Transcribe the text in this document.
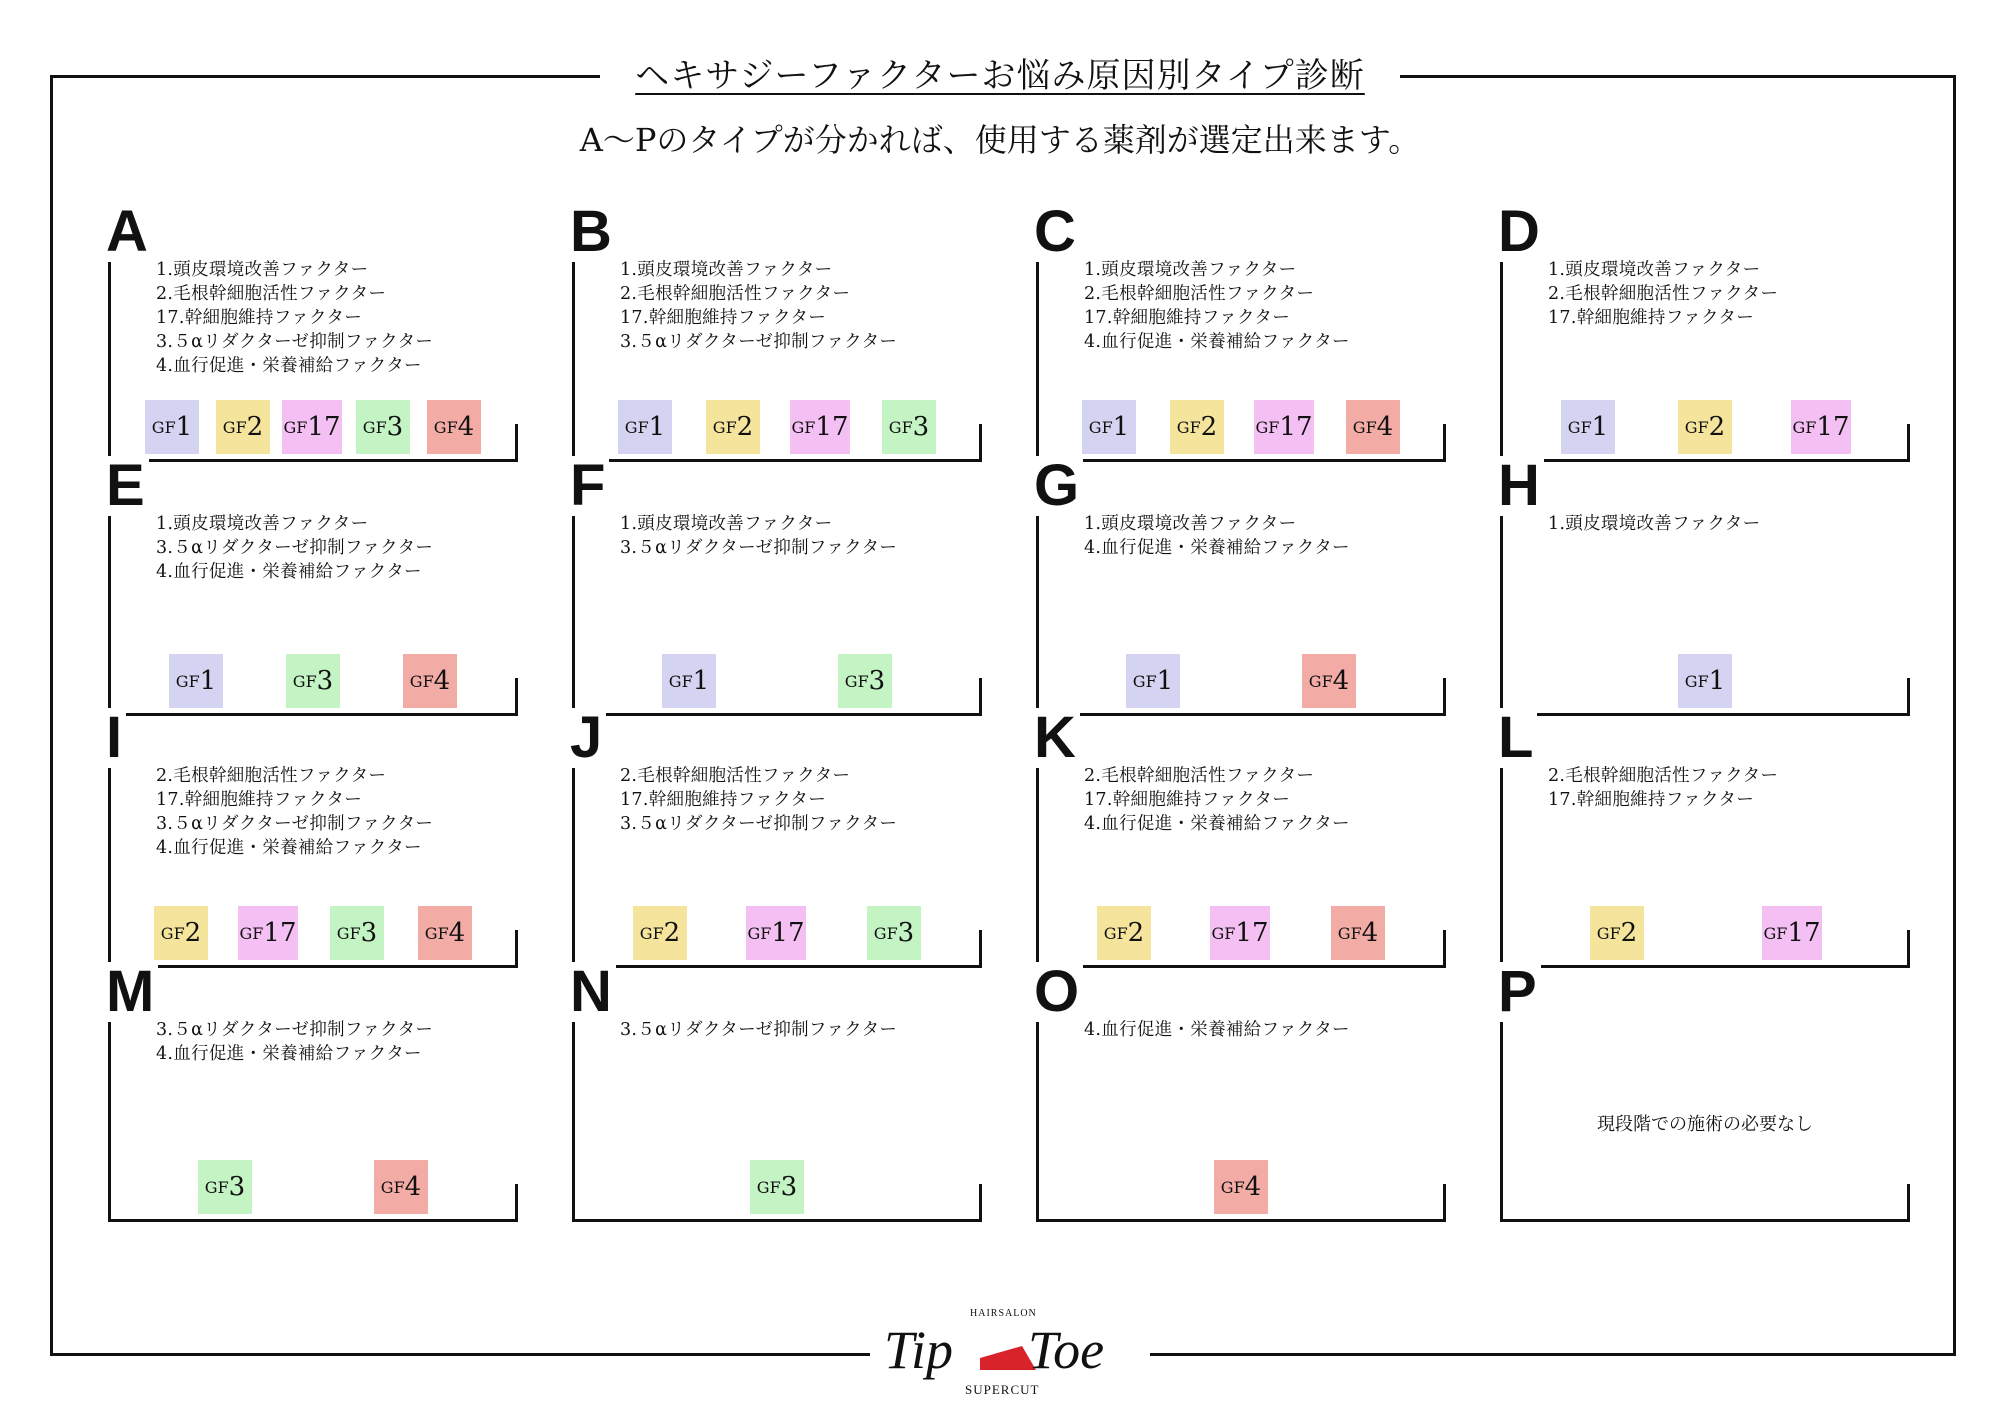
ヘキサジーファクターお悩み原因別タイプ診断
A〜Pのタイプが分かれば、使用する薬剤が選定出来ます。
A
1.頭皮環境改善ファクター
2.毛根幹細胞活性ファクター
17.幹細胞維持ファクター
3.５αリダクターゼ抑制ファクター
4.血行促進・栄養補給ファクター
GF 1 GF 2 GF 17 GF 3 GF 4
B
1.頭皮環境改善ファクター
2.毛根幹細胞活性ファクター
17.幹細胞維持ファクター
3.５αリダクターゼ抑制ファクター
GF 1	GF 2 GF 17	GF 3
C
1.頭皮環境改善ファクター
2.毛根幹細胞活性ファクター
17.幹細胞維持ファクター
4.血行促進・栄養補給ファクター
GF 1	GF 2 GF 17	GF 4
D
1.頭皮環境改善ファクター
2.毛根幹細胞活性ファクター
17.幹細胞維持ファクター
GF 1	GF 2	GF 17
E
1.頭皮環境改善ファクター
3.５αリダクターゼ抑制ファクター
4.血行促進・栄養補給ファクター
GF 1	GF 3	GF 4
F
1.頭皮環境改善ファクター
3.５αリダクターゼ抑制ファクター
GF 1	GF 3
G
1.頭皮環境改善ファクター
4.血行促進・栄養補給ファクター
GF 1	GF 4
H
1.頭皮環境改善ファクター
GF 1
I
2.毛根幹細胞活性ファクター
17.幹細胞維持ファクター
3.５αリダクターゼ抑制ファクター
4.血行促進・栄養補給ファクター
GF 2 GF 17	GF 3	GF 4
J
2.毛根幹細胞活性ファクター
17.幹細胞維持ファクター
3.５αリダクターゼ抑制ファクター
GF 2	GF 17	GF 3
K
2.毛根幹細胞活性ファクター
17.幹細胞維持ファクター
4.血行促進・栄養補給ファクター
GF 2	GF 17	GF 4
L
2.毛根幹細胞活性ファクター
17.幹細胞維持ファクター
GF 2	GF 17
M
3.５αリダクターゼ抑制ファクター
4.血行促進・栄養補給ファクター
GF 3	GF 4
N
3.５αリダクターゼ抑制ファクター
GF 3
O
4.血行促進・栄養補給ファクター
GF 4
P
現段階での施術の必要なし
Tip Toe
HAIRSALON
SUPERCUT
